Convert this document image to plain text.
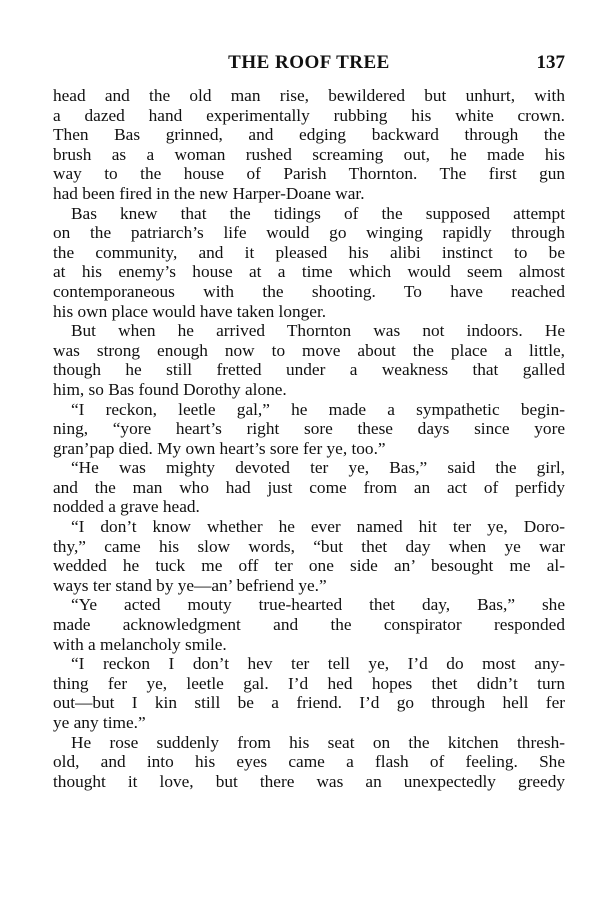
THE ROOF TREE	137
head and the old man rise, bewildered but unhurt, with
a dazed hand experimentally rubbing his white crown.
Then Bas grinned, and edging backward through the
brush as a woman rushed screaming out, he made his
way to the house of Parish Thornton. The first gun
had been fired in the new Harper-Doane war.
Bas knew that the tidings of the supposed attempt
on the patriarch’s life would go winging rapidly through
the community, and it pleased his alibi instinct to be
at his enemy’s house at a time which would seem almost
contemporaneous with the shooting. To have reached
his own place would have taken longer.
But when he arrived Thornton was not indoors. He
was strong enough now to move about the place a little,
though he still fretted under a weakness that galled
him, so Bas found Dorothy alone.
“I reckon, leetle gal,” he made a sympathetic begin-
ning, “yore heart’s right sore these days since yore
gran’pap died. My own heart’s sore fer ye, too.”
“He was mighty devoted ter ye, Bas,” said the girl,
and the man who had just come from an act of perfidy
nodded a grave head.
“I don’t know whether he ever named hit ter ye, Doro-
thy,” came his slow words, “but thet day when ye war
wedded he tuck me off ter one side an’ besought me al-
ways ter stand by ye—an’ befriend ye.”
“Ye acted mouty true-hearted thet day, Bas,” she
made acknowledgment and the conspirator responded
with a melancholy smile.
“I reckon I don’t hev ter tell ye, I’d do most any-
thing fer ye, leetle gal. I’d hed hopes thet didn’t turn
out—but I kin still be a friend. I’d go through hell fer
ye any time.”
He rose suddenly from his seat on the kitchen thresh-
old, and into his eyes came a flash of feeling. She
thought it love, but there was an unexpectedly greedy
